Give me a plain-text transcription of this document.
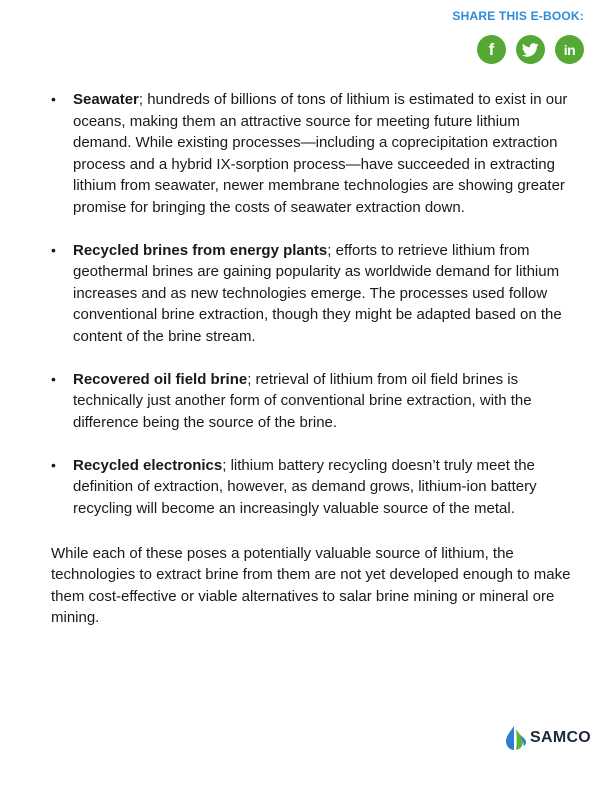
SHARE THIS E-BOOK:
f	in
• Seawater; hundreds of billions of tons of lithium is estimated to exist in our oceans, making them an attractive source for meeting future lithium demand. While existing processes—including a coprecipitation extraction process and a hybrid IX-sorption process—have succeeded in extracting lithium from seawater, newer membrane technologies are showing greater promise for bringing the costs of seawater extraction down.
• Recycled brines from energy plants; efforts to retrieve lithium from geothermal brines are gaining popularity as worldwide demand for lithium increases and as new technologies emerge. The processes used follow conventional brine extraction, though they might be adapted based on the content of the brine stream.
• Recovered oil field brine; retrieval of lithium from oil field brines is technically just another form of conventional brine extraction, with the difference being the source of the brine.
• Recycled electronics; lithium battery recycling doesn’t truly meet the definition of extraction, however, as demand grows, lithium-ion battery recycling will become an increasingly valuable source of the metal.

While each of these poses a potentially valuable source of lithium, the technologies to extract brine from them are not yet developed enough to make them cost-effective or viable alternatives to salar brine mining or mineral ore mining.

SAMCO
